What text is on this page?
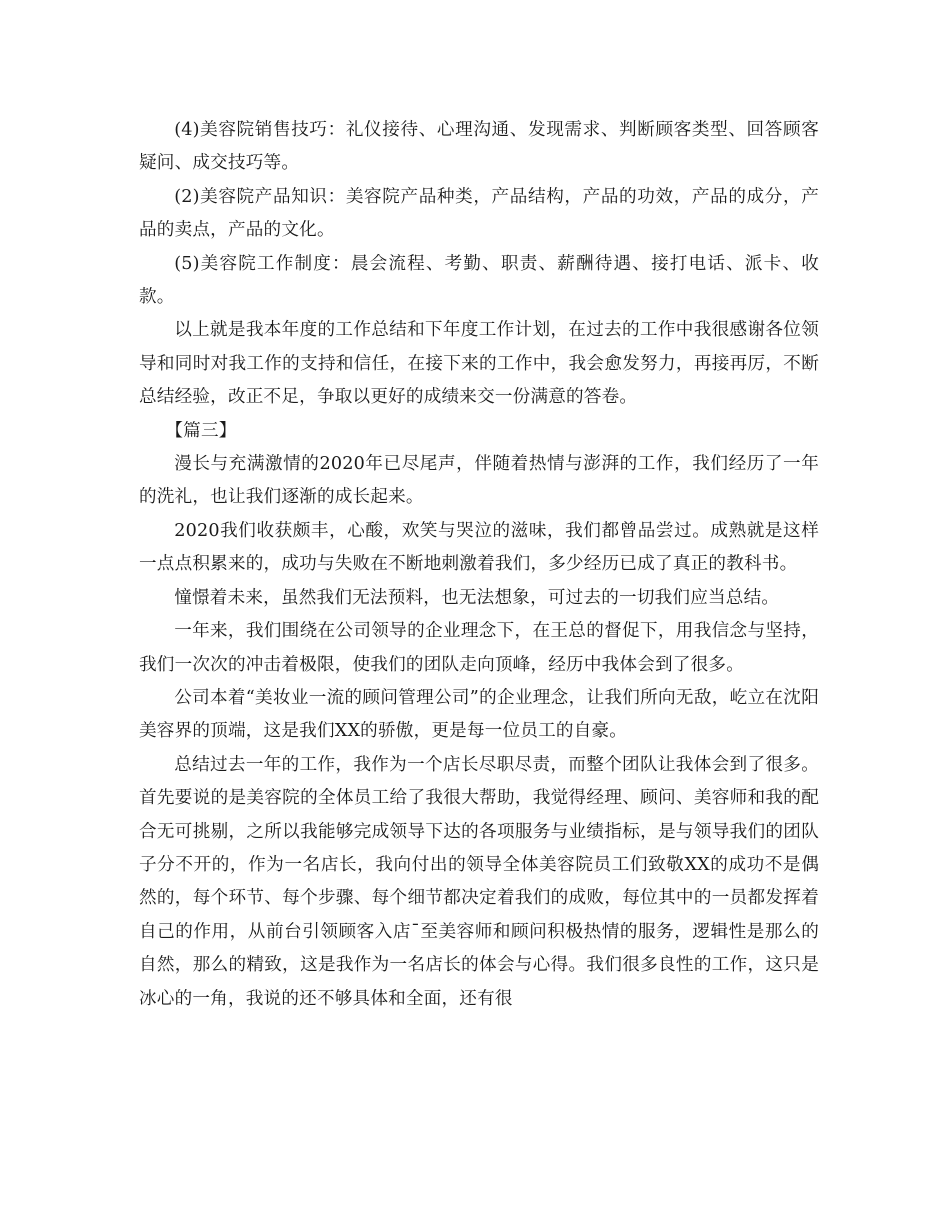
(4)美容院销售技巧：礼仪接待、心理沟通、发现需求、判断顾客类型、回答顾客疑问、成交技巧等。

(2)美容院产品知识：美容院产品种类，产品结构，产品的功效，产品的成分，产品的卖点，产品的文化。

(5)美容院工作制度：晨会流程、考勤、职责、薪酬待遇、接打电话、派卡、收款。

以上就是我本年度的工作总结和下年度工作计划，在过去的工作中我很感谢各位领导和同时对我工作的支持和信任，在接下来的工作中，我会愈发努力，再接再厉，不断总结经验，改正不足，争取以更好的成绩来交一份满意的答卷。

【篇三】

漫长与充满激情的2020年已尽尾声，伴随着热情与澎湃的工作，我们经历了一年的洗礼，也让我们逐渐的成长起来。

2020我们收获颇丰，心酸，欢笑与哭泣的滋味，我们都曾品尝过。成熟就是这样一点点积累来的，成功与失败在不断地刺激着我们，多少经历已成了真正的教科书。

憧憬着未来，虽然我们无法预料，也无法想象，可过去的一切我们应当总结。

一年来，我们围绕在公司领导的企业理念下，在王总的督促下，用我信念与坚持，我们一次次的冲击着极限，使我们的团队走向顶峰，经历中我体会到了很多。

公司本着“美妆业一流的顾问管理公司”的企业理念，让我们所向无敌，屹立在沈阳美容界的顶端，这是我们XX的骄傲，更是每一位员工的自豪。

总结过去一年的工作，我作为一个店长尽职尽责，而整个团队让我体会到了很多。首先要说的是美容院的全体员工给了我很大帮助，我觉得经理、顾问、美容师和我的配合无可挑剔，之所以我能够完成领导下达的各项服务与业绩指标，是与领导我们的团队子分不开的，作为一名店长，我向付出的领导全体美容院员工们致敬XX的成功不是偶然的，每个环节、每个步骤、每个细节都决定着我们的成败，每位其中的一员都发挥着自己的作用，从前台引领顾客入店¯至美容师和顾问积极热情的服务，逻辑性是那么的自然，那么的精致，这是我作为一名店长的体会与心得。我们很多良性的工作，这只是冰心的一角，我说的还不够具体和全面，还有很
